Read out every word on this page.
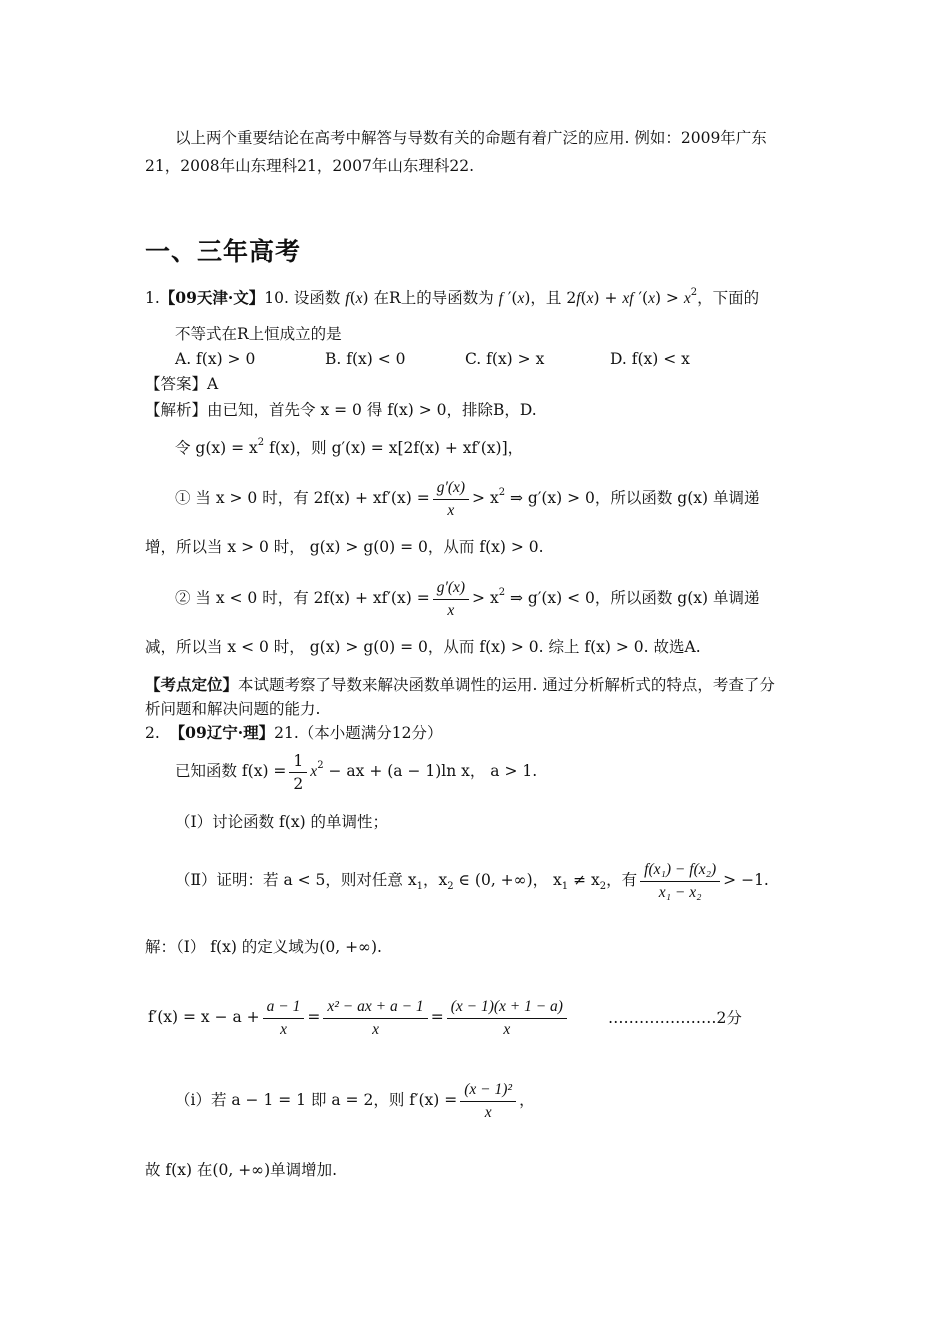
以上两个重要结论在高考中解答与导数有关的命题有着广泛的应用. 例如：2009年广东
21，2008年山东理科21，2007年山东理科22.
一、三年高考
1.【09天津·文】10. 设函数 f(x) 在R上的导函数为 f ′(x)，且 2f(x) + xf $'(x) > x^2$，下面的
不等式在R上恒成立的是
A. f(x) > 0	B. f(x) < 0	C. f(x) > x	D. f(x) < x
【答案】A
【解析】由已知，首先令 x = 0 得 f(x) > 0，排除B，D.
令 $g(x) = x^2$ f(x)，则 g′(x) = x[2f(x) + xf′(x)]，
① 当 x > 0 时，有 $2f(x) + xf'(x) = \frac{g'(x)}{x} > x^2$ ⇒ g′(x) > 0，所以函数 g(x) 单调递
增，所以当 x > 0 时， g(x) > g(0) = 0，从而 f(x) > 0.
② 当 x < 0 时，有 $2f(x) + xf'(x) = \frac{g'(x)}{x} > x^2$ ⇒ g′(x) < 0，所以函数 g(x) 单调递
减，所以当 x < 0 时， g(x) > g(0) = 0，从而 f(x) > 0. 综上 f(x) > 0. 故选A.
【考点定位】本试题考察了导数来解决函数单调性的运用. 通过分析解析式的特点，考查了分
析问题和解决问题的能力.
2. 【09辽宁·理】21.（本小题满分12分）
已知函数 $f(x) = \frac{1}{2} x^2$ − ax + (a − 1)ln x， a > 1.
（Ⅰ）讨论函数 f(x) 的单调性；
（Ⅱ）证明：若 a < 5，则对任意 $x_1$，$x_2$ ∈ (0, +∞)， $x_1 \ne x_2$，有 $\frac{\text{f(x₁) − f(x₂)}}{\text{x₁ − x₂}} > -1$.
解：（Ⅰ） f(x) 的定义域为(0, +∞).
$f'(x) = x - a + \frac{a - 1}{x} = \frac{\text{x² − ax + a − 1}}{x} = \frac{(x - 1)(x + 1 - a)}{x}$	…………………2分
（i）若 a − 1 = 1 即 a = 2，则 $f'(x) = \frac{\text{(x − 1)²}}{x}$ ，
故 f(x) 在(0, +∞)单调增加.
